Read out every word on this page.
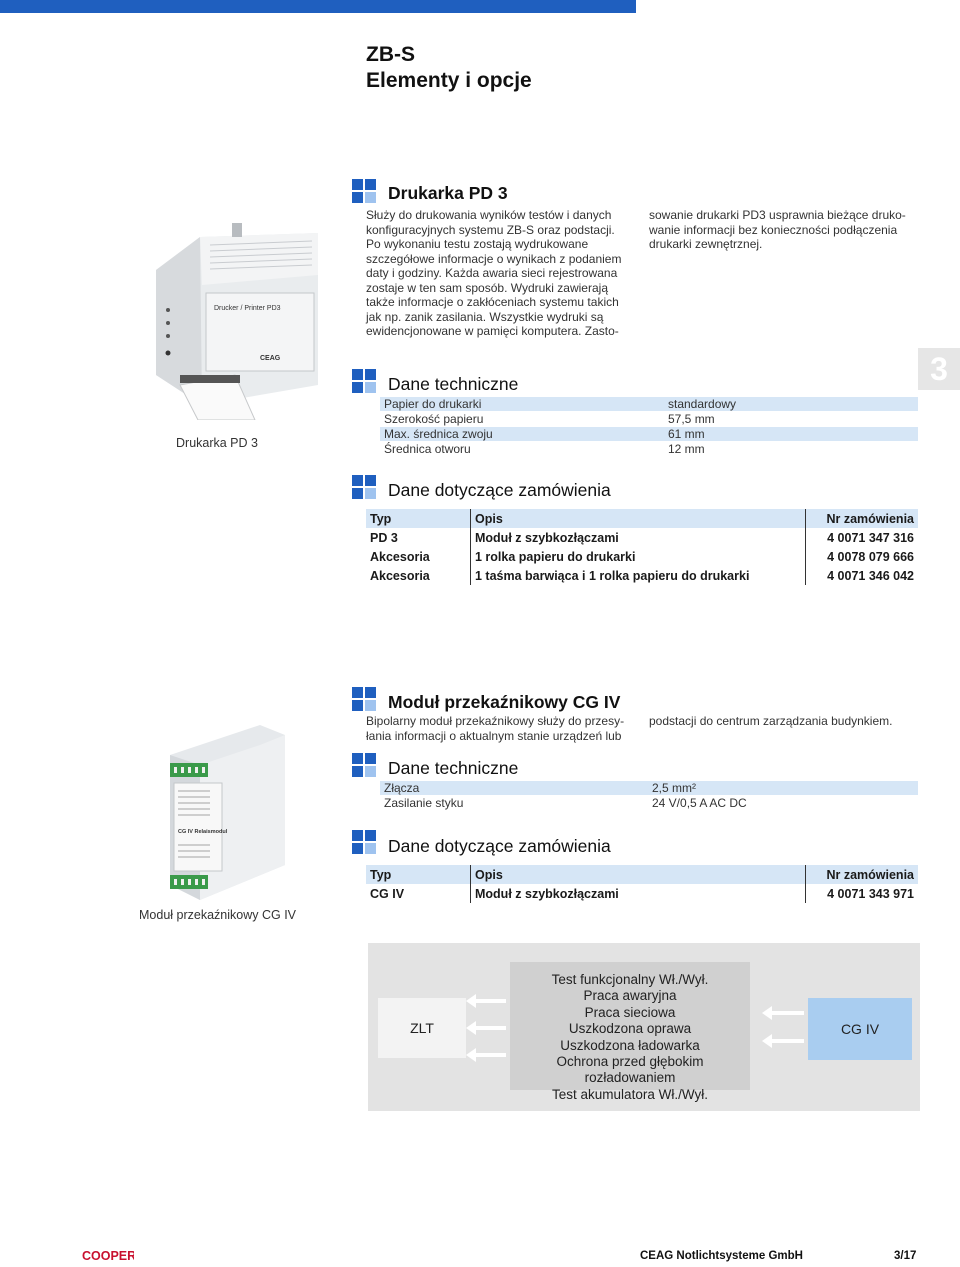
ZB-S
Elementy i opcje
3
Drucker / Printer PD3
CEAG
Drukarka PD 3
Drukarka PD 3
Służy do drukowania wyników testów i danych
konfiguracyjnych systemu ZB-S oraz podstacji.
Po wykonaniu testu zostają wydrukowane
szczegółowe informacje o wynikach z podaniem
daty i godziny. Każda awaria sieci rejestrowana
zostaje w ten sam sposób. Wydruki zawierają
także informacje o zakłóceniach systemu takich
jak np. zanik zasilania. Wszystkie wydruki są
ewidencjonowane w pamięci komputera. Zasto-
sowanie drukarki PD3 usprawnia bieżące druko-
wanie informacji bez konieczności podłączenia
drukarki zewnętrznej.
Dane techniczne
Papier do drukarki	standardowy
Szerokość papieru	57,5 mm
Max. średnica zwoju	61 mm
Średnica otworu	12 mm
Dane dotyczące zamówienia
Typ	Opis	Nr zamówienia
PD 3	Moduł z szybkozłączami	4 0071 347 316
Akcesoria	1 rolka papieru do drukarki	4 0078 079 666
Akcesoria	1 taśma barwiąca i 1 rolka papieru do drukarki	4 0071 346 042
CG IV Relaismodul
Moduł przekaźnikowy CG IV
Moduł przekaźnikowy CG IV
Bipolarny moduł przekaźnikowy służy do przesy-
łania informacji o aktualnym stanie urządzeń lub
podstacji do centrum zarządzania budynkiem.
Dane techniczne
Złącza	2,5 mm²
Zasilanie styku	24 V/0,5 A AC DC
Dane dotyczące zamówienia
Typ	Opis	Nr zamówienia
CG IV	Moduł z szybkozłączami	4 0071 343 971
ZLT
Test funkcjonalny Wł./Wył.
Praca awaryjna
Praca sieciowa
Uszkodzona oprawa
Uszkodzona ładowarka
Ochrona przed głębokim rozładowaniem
Test akumulatora Wł./Wył.
CG IV
COOPER	CEAG Notlichtsysteme GmbH	3/17
